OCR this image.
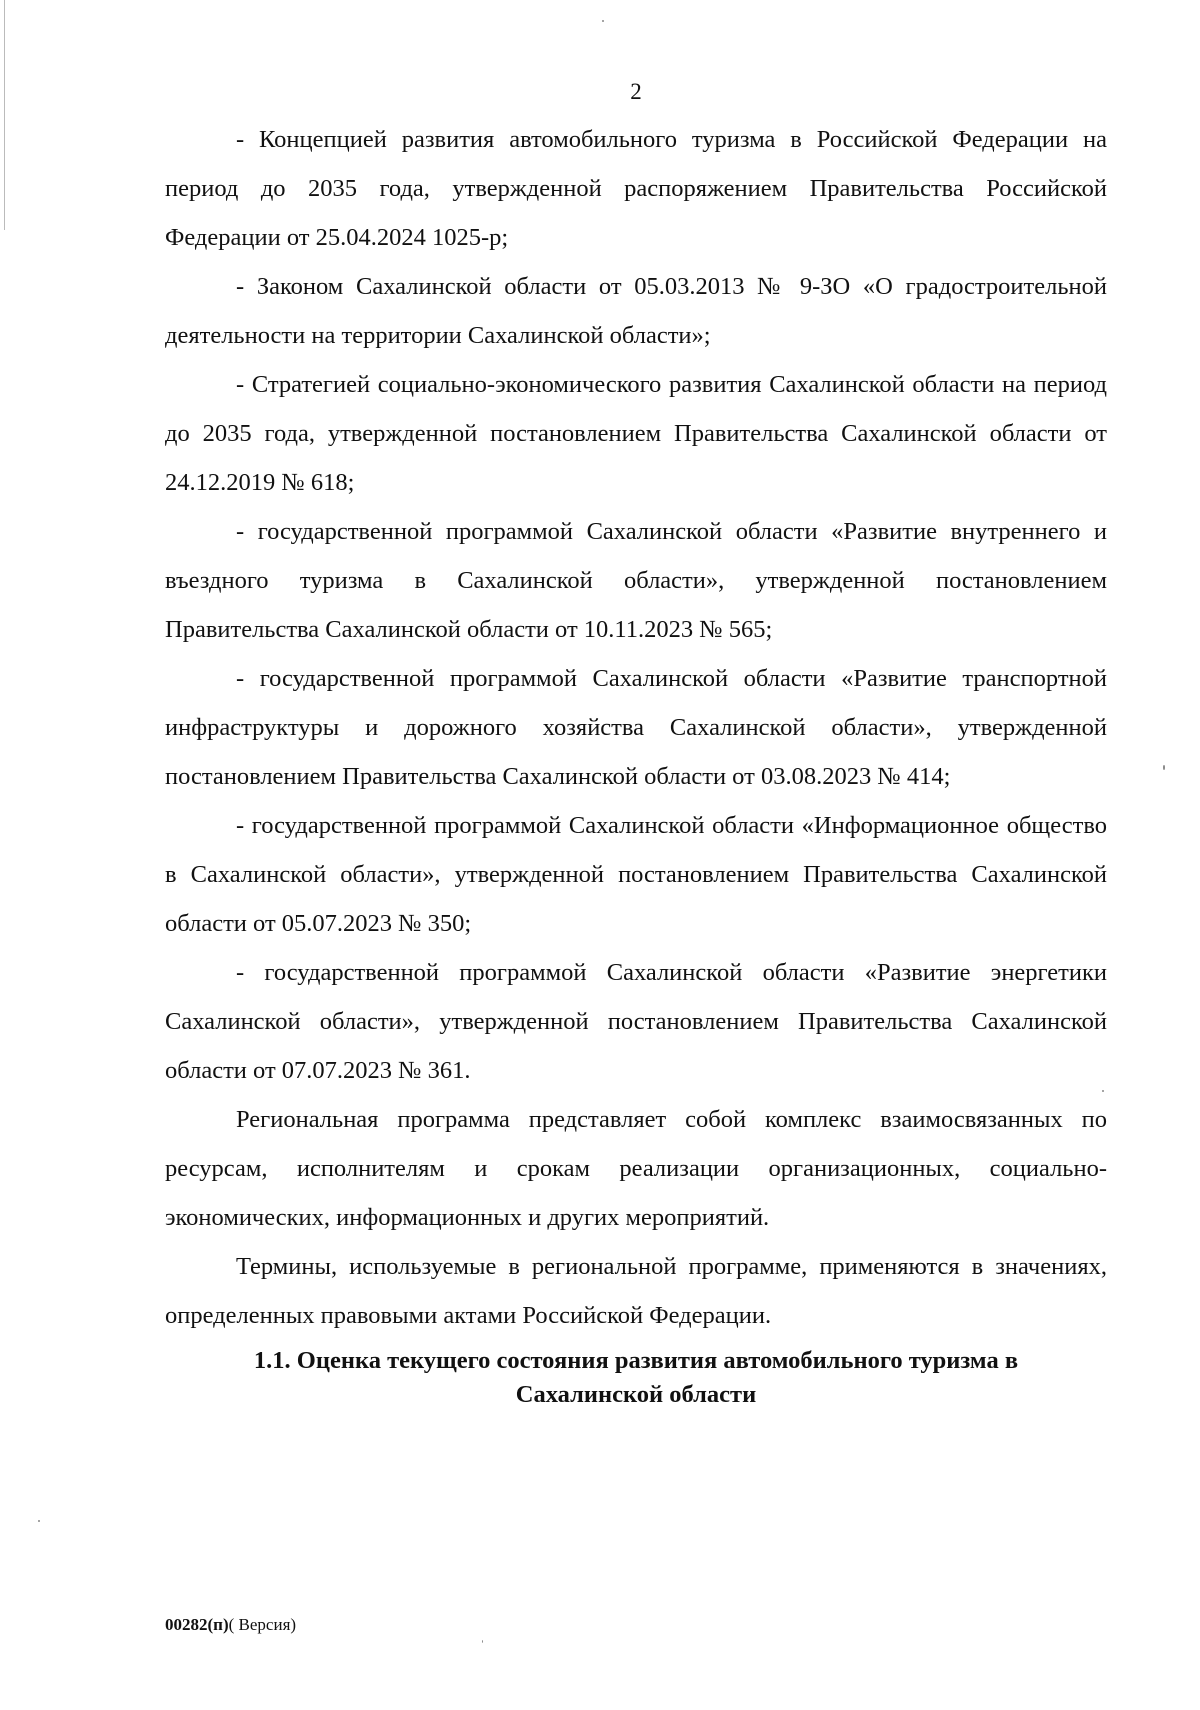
2

- Концепцией развития автомобильного туризма в Российской Федерации на период до 2035 года, утвержденной распоряжением Правительства Российской Федерации от 25.04.2024 1025-р;

- Законом Сахалинской области от 05.03.2013 № 9-ЗО «О градостроительной деятельности на территории Сахалинской области»;

- Стратегией социально-экономического развития Сахалинской области на период до 2035 года, утвержденной постановлением Правительства Сахалинской области от 24.12.2019 № 618;

- государственной программой Сахалинской области «Развитие внутреннего и въездного туризма в Сахалинской области», утвержденной постановлением Правительства Сахалинской области от 10.11.2023 № 565;

- государственной программой Сахалинской области «Развитие транспортной инфраструктуры и дорожного хозяйства Сахалинской области», утвержденной постановлением Правительства Сахалинской области от 03.08.2023 № 414;

- государственной программой Сахалинской области «Информационное общество в Сахалинской области», утвержденной постановлением Правительства Сахалинской области от 05.07.2023 № 350;

- государственной программой Сахалинской области «Развитие энергетики Сахалинской области», утвержденной постановлением Правительства Сахалинской области от 07.07.2023 № 361.

Региональная программа представляет собой комплекс взаимосвязанных по ресурсам, исполнителям и срокам реализации организационных, социально-экономических, информационных и других мероприятий.

Термины, используемые в региональной программе, применяются в значениях, определенных правовыми актами Российской Федерации.

1.1. Оценка текущего состояния развития автомобильного туризма в
Сахалинской области
00282(п)( Версия)
